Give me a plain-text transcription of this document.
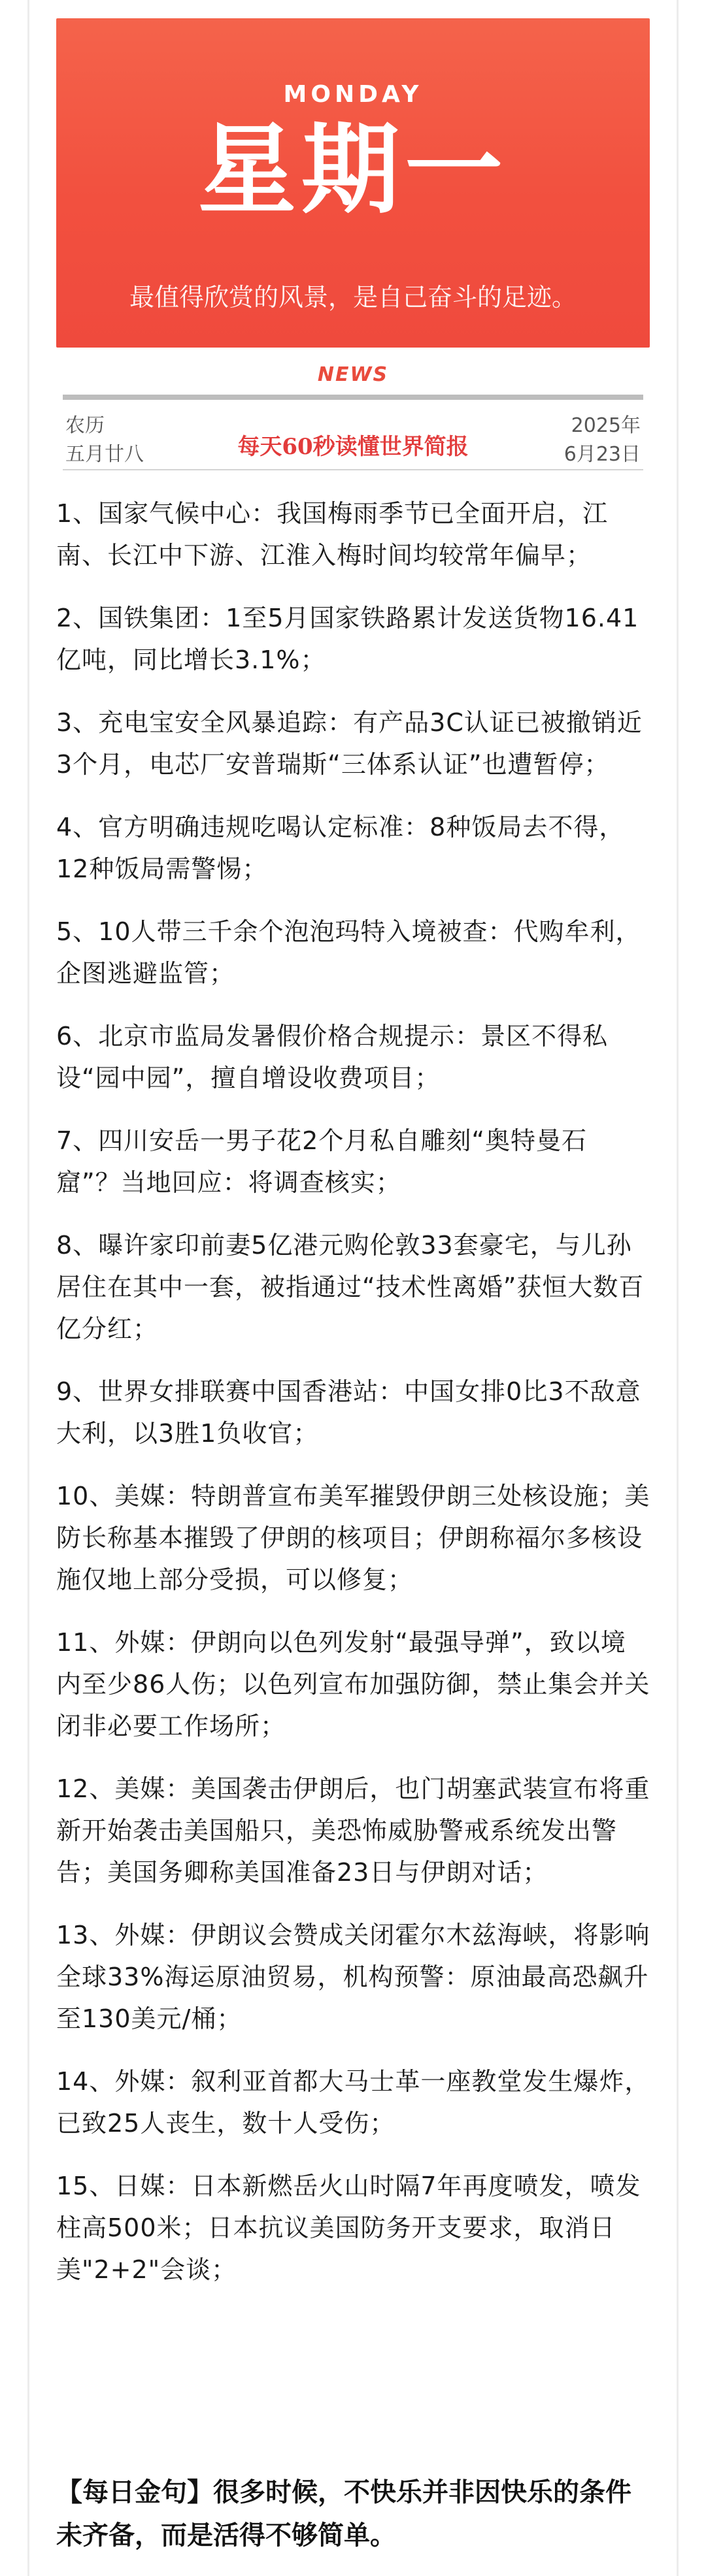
MONDAY
星期一
最值得欣赏的风景，是自己奋斗的足迹。
NEWS
农历
五月廿八	每天60秒读懂世界简报
2025年
6月23日

1、国家气候中心：我国梅雨季节已全面开启，江南、长江中下游、江淮入梅时间均较常年偏早；

2、国铁集团：1至5月国家铁路累计发送货物16.41亿吨，同比增长3.1%；

3、充电宝安全风暴追踪：有产品3C认证已被撤销近3个月，电芯厂安普瑞斯“三体系认证”也遭暂停；

4、官方明确违规吃喝认定标准：8种饭局去不得，12种饭局需警惕；

5、10人带三千余个泡泡玛特入境被查：代购牟利，企图逃避监管；

6、北京市监局发暑假价格合规提示：景区不得私设“园中园”，擅自增设收费项目；

7、四川安岳一男子花2个月私自雕刻“奥特曼石窟”？当地回应：将调查核实；

8、曝许家印前妻5亿港元购伦敦33套豪宅，与儿孙居住在其中一套，被指通过“技术性离婚”获恒大数百亿分红；

9、世界女排联赛中国香港站：中国女排0比3不敌意大利，以3胜1负收官；

10、美媒：特朗普宣布美军摧毁伊朗三处核设施；美防长称基本摧毁了伊朗的核项目；伊朗称福尔多核设施仅地上部分受损，可以修复；

11、外媒：伊朗向以色列发射“最强导弹”，致以境内至少86人伤；以色列宣布加强防御，禁止集会并关闭非必要工作场所；

12、美媒：美国袭击伊朗后，也门胡塞武装宣布将重新开始袭击美国船只，美恐怖威胁警戒系统发出警告；美国务卿称美国准备23日与伊朗对话；

13、外媒：伊朗议会赞成关闭霍尔木兹海峡，将影响全球33%海运原油贸易，机构预警：原油最高恐飙升至130美元/桶；

14、外媒：叙利亚首都大马士革一座教堂发生爆炸，已致25人丧生，数十人受伤；

15、日媒：日本新燃岳火山时隔7年再度喷发，喷发柱高500米；日本抗议美国防务开支要求，取消日美"2+2"会谈；

【每日金句】很多时候，不快乐并非因快乐的条件未齐备，而是活得不够简单。
